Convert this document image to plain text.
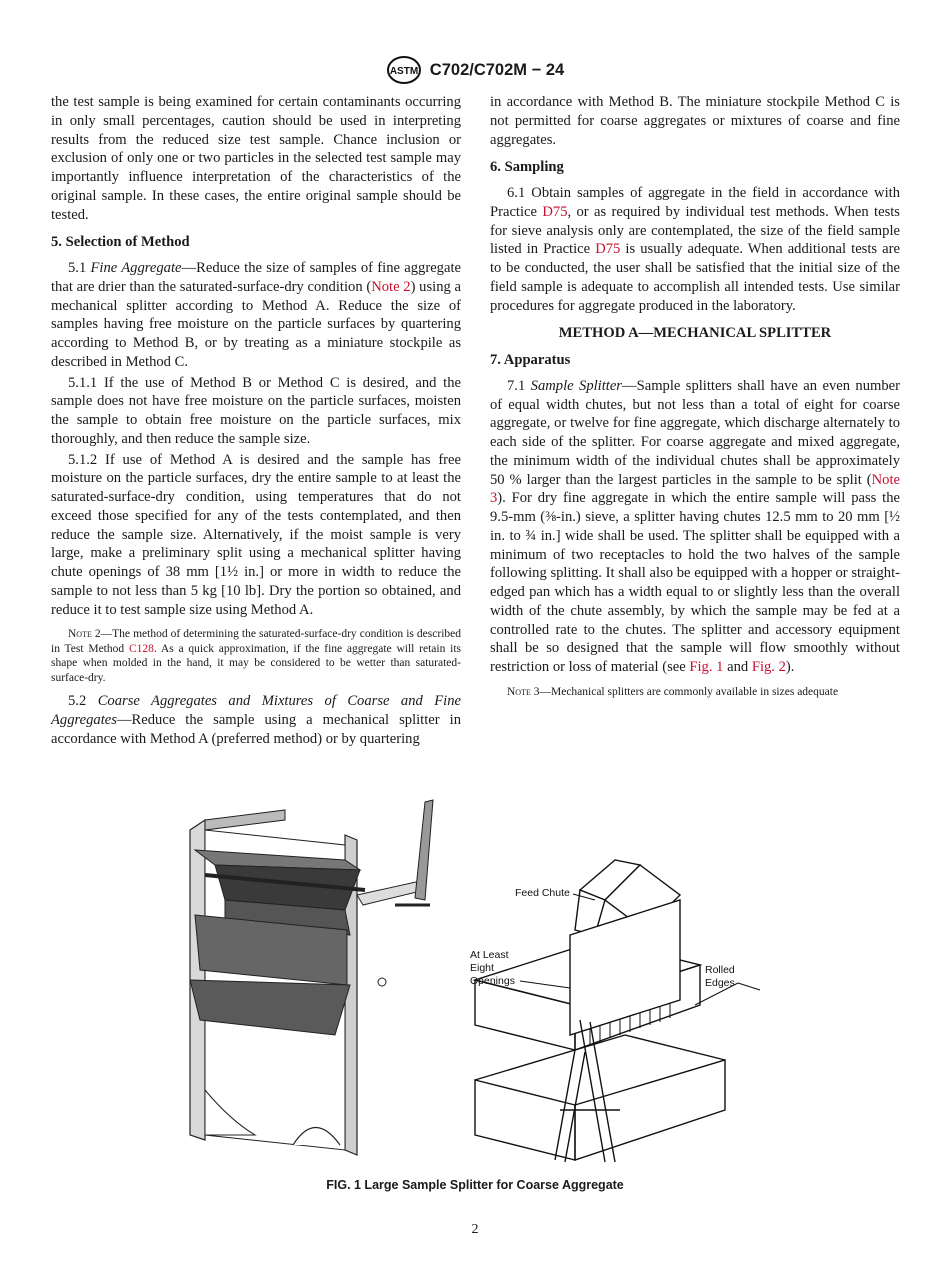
ASTM C702/C702M − 24

the test sample is being examined for certain contaminants occurring in only small percentages, caution should be used in interpreting results from the reduced size test sample. Chance inclusion or exclusion of only one or two particles in the selected test sample may importantly influence interpretation of the characteristics of the original sample. In these cases, the entire original sample should be tested.

5. Selection of Method

5.1 Fine Aggregate—Reduce the size of samples of fine aggregate that are drier than the saturated-surface-dry condition (Note 2) using a mechanical splitter according to Method A. Reduce the size of samples having free moisture on the particle surfaces by quartering according to Method B, or by treating as a miniature stockpile as described in Method C.

5.1.1 If the use of Method B or Method C is desired, and the sample does not have free moisture on the particle surfaces, moisten the sample to obtain free moisture on the particle surfaces, mix thoroughly, and then reduce the sample size.

5.1.2 If use of Method A is desired and the sample has free moisture on the particle surfaces, dry the entire sample to at least the saturated-surface-dry condition, using temperatures that do not exceed those specified for any of the tests contemplated, and then reduce the sample size. Alternatively, if the moist sample is very large, make a preliminary split using a mechanical splitter having chute openings of 38 mm [1½ in.] or more in width to reduce the sample to not less than 5 kg [10 lb]. Dry the portion so obtained, and reduce it to test sample size using Method A.

Note 2—The method of determining the saturated-surface-dry condition is described in Test Method C128. As a quick approximation, if the fine aggregate will retain its shape when molded in the hand, it may be considered to be wetter than saturated-surface-dry.

5.2 Coarse Aggregates and Mixtures of Coarse and Fine Aggregates—Reduce the sample using a mechanical splitter in accordance with Method A (preferred method) or by quartering

in accordance with Method B. The miniature stockpile Method C is not permitted for coarse aggregates or mixtures of coarse and fine aggregates.

6. Sampling

6.1 Obtain samples of aggregate in the field in accordance with Practice D75, or as required by individual test methods. When tests for sieve analysis only are contemplated, the size of the field sample listed in Practice D75 is usually adequate. When additional tests are to be conducted, the user shall be satisfied that the initial size of the field sample is adequate to accomplish all intended tests. Use similar procedures for aggregate produced in the laboratory.

METHOD A—MECHANICAL SPLITTER

7. Apparatus

7.1 Sample Splitter—Sample splitters shall have an even number of equal width chutes, but not less than a total of eight for coarse aggregate, or twelve for fine aggregate, which discharge alternately to each side of the splitter. For coarse aggregate and mixed aggregate, the minimum width of the individual chutes shall be approximately 50 % larger than the largest particles in the sample to be split (Note 3). For dry fine aggregate in which the entire sample will pass the 9.5-mm (⅜-in.) sieve, a splitter having chutes 12.5 mm to 20 mm [½ in. to ¾ in.] wide shall be used. The splitter shall be equipped with a minimum of two receptacles to hold the two halves of the sample following splitting. It shall also be equipped with a hopper or straight-edged pan which has a width equal to or slightly less than the overall width of the chute assembly, by which the sample may be fed at a controlled rate to the chutes. The splitter and accessory equipment shall be so designed that the sample will flow smoothly without restriction or loss of material (see Fig. 1 and Fig. 2).

Note 3—Mechanical splitters are commonly available in sizes adequate

Feed Chute
At Least
Eight
Openings
Rolled
Edges
FIG. 1 Large Sample Splitter for Coarse Aggregate
2
